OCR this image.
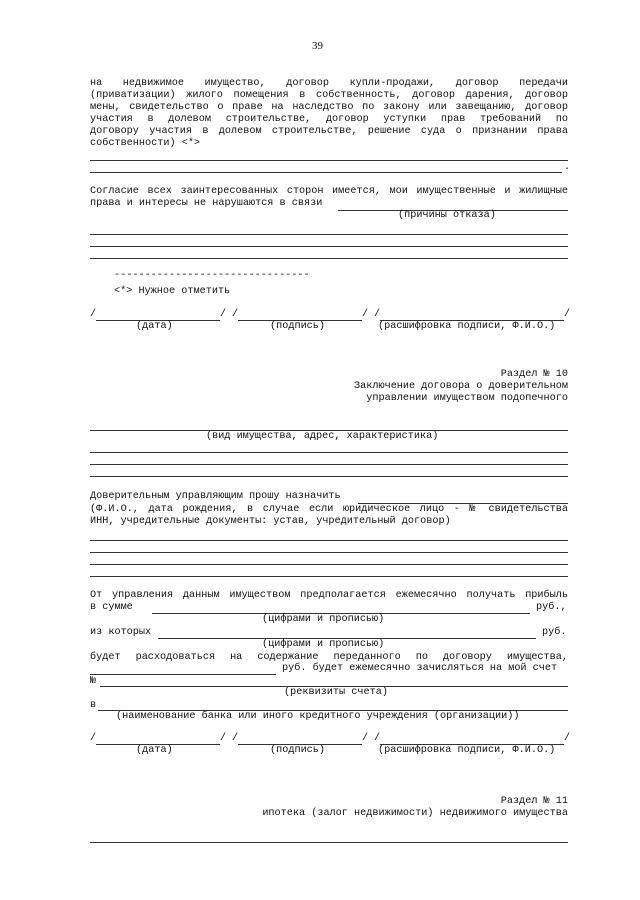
39
на недвижимое имущество, договор купли-продажи, договор передачи
(приватизации) жилого помещения в собственность, договор дарения, договор
мены, свидетельство о праве на наследство по закону или завещанию, договор
участия в долевом строительстве, договор уступки прав требований по
договору участия в долевом строительстве, решение суда о признании права
собственности) <*>
.
Согласие всех заинтересованных сторон имеется, мои имущественные и жилищные
права и интересы не нарушаются в связи
(причины отказа)
--------------------------------
<*> Нужное отметить
/	/ /	/ /	/
(дата)	(подпись)	(расшифровка подписи, Ф.И.О.)
Раздел № 10
Заключение договора о доверительном
управлении имуществом подопечного
(вид имущества, адрес, характеристика)
Доверительным управляющим прошу назначить
(Ф.И.О., дата рождения, в случае если юридическое лицо - № свидетельства
ИНН, учредительные документы: устав, учредительный договор)
От управления данным имуществом предполагается ежемесячно получать прибыль
в сумме	руб.,
(цифрами и прописью)
из которых	руб.
(цифрами и прописью)
будет расходоваться на содержание переданного по договору имущества,
руб. будет ежемесячно зачисляться на мой счет
№
(реквизиты счета)
в
(наименование банка или иного кредитного учреждения (организации))
/	/ /	/ /	/
(дата)	(подпись)	(расшифровка подписи, Ф.И.О.)
Раздел № 11
ипотека (залог недвижимости) недвижимого имущества
